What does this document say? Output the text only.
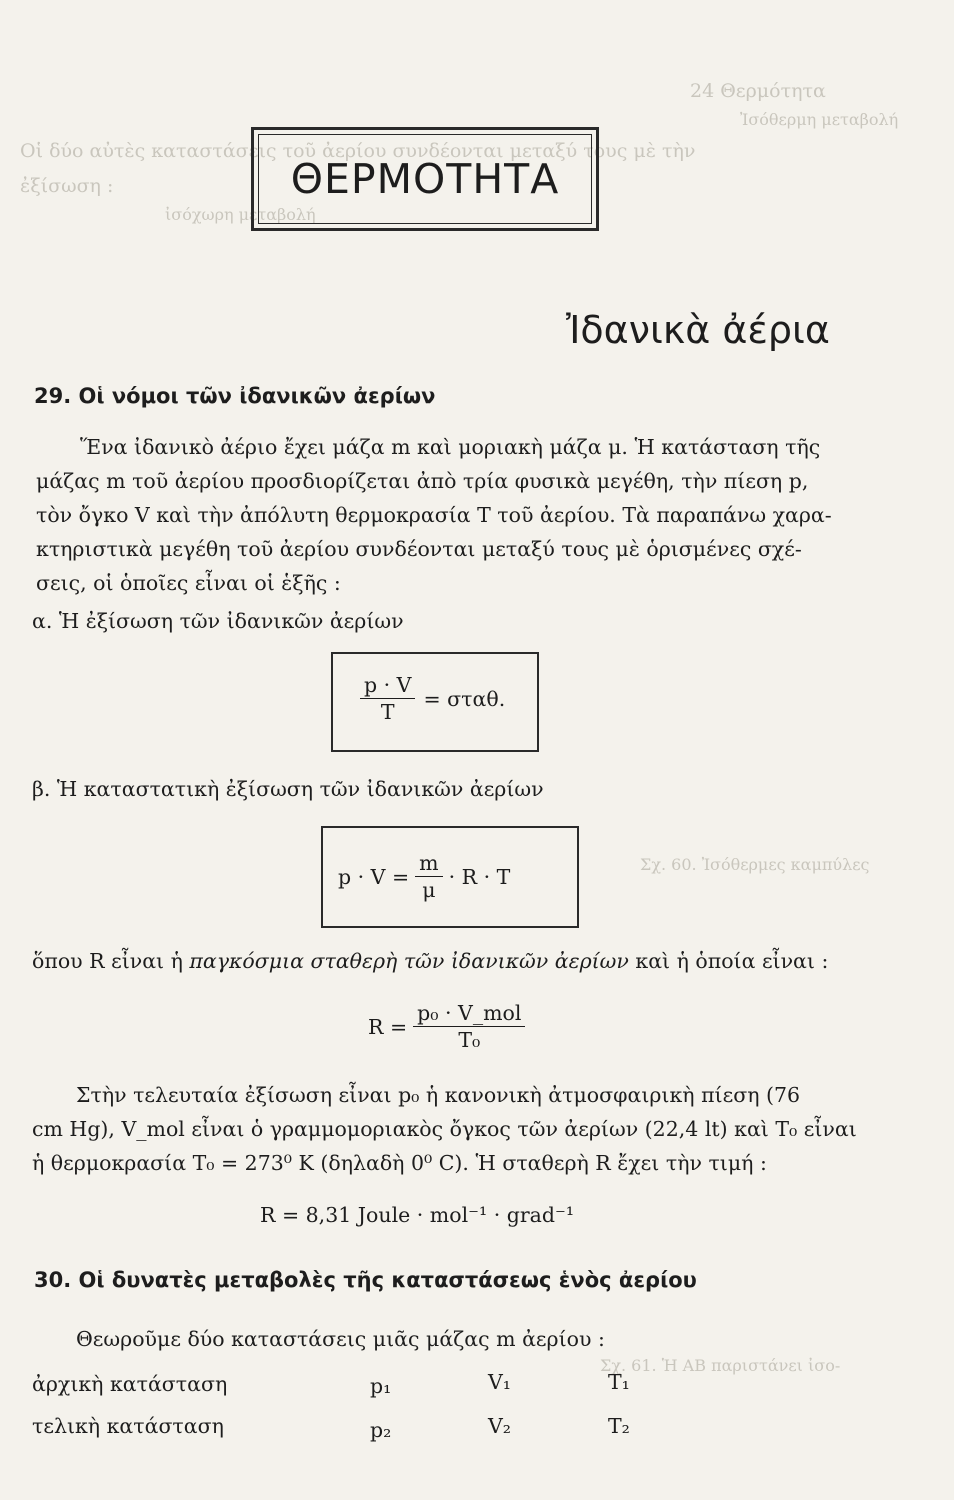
24 Θερμότητα
Οἱ δύο αὐτὲς καταστάσεις τοῦ ἀερίου συνδέονται μεταξύ τους μὲ τὴν
ἐξίσωση :
Ἰσόθερμη μεταβολή
ἰσόχωρη μεταβολή
Σχ. 60. Ἰσόθερμες καμπύλες
Σχ. 61. Ἡ AB παριστάνει ἰσο-
ΘΕΡΜΟΤΗΤΑ
Ἰδανικὰ ἀέρια
29. Οἱ νόμοι τῶν ἰδανικῶν ἀερίων
Ἕνα ἰδανικὸ ἀέριο ἔχει μάζα m καὶ μοριακὴ μάζα μ. Ἡ κατάσταση τῆς
μάζας m τοῦ ἀερίου προσδιορίζεται ἀπὸ τρία φυσικὰ μεγέθη, τὴν πίεση p,
τὸν ὄγκο V καὶ τὴν ἀπόλυτη θερμοκρασία T τοῦ ἀερίου. Τὰ παραπάνω χαρα-
κτηριστικὰ μεγέθη τοῦ ἀερίου συνδέονται μεταξύ τους μὲ ὁρισμένες σχέ-
σεις, οἱ ὁποῖες εἶναι οἱ ἑξῆς :
α. Ἡ ἐξίσωση τῶν ἰδανικῶν ἀερίων
$\frac{p \cdot V}{T} = \sigma\tau\alpha\theta$.
β. Ἡ καταστατικὴ ἐξίσωση τῶν ἰδανικῶν ἀερίων
$p \cdot V = \frac{m}{\mu} \cdot R \cdot T$
ὅπου R εἶναι ἡ παγκόσμια σταθερὴ τῶν ἰδανικῶν ἀερίων καὶ ἡ ὁποία εἶναι :
$R = \frac{\text{p₀ · V\_mol}}{\text{T₀}}$
Στὴν τελευταία ἐξίσωση εἶναι p₀ ἡ κανονικὴ ἀτμοσφαιρικὴ πίεση (76
cm Hg), V_mol εἶναι ὁ γραμμομοριακὸς ὄγκος τῶν ἀερίων (22,4 lt) καὶ T₀ εἶναι
ἡ θερμοκρασία T₀ = 273⁰ K (δηλαδὴ 0⁰ C). Ἡ σταθερὴ R ἔχει τὴν τιμή :
R = 8,31 Joule · mol⁻¹ · grad⁻¹
30. Οἱ δυνατὲς μεταβολὲς τῆς καταστάσεως ἑνὸς ἀερίου
Θεωροῦμε δύο καταστάσεις μιᾶς μάζας m ἀερίου :
ἀρχικὴ κατάσταση	p₁	V₁	T₁
τελικὴ κατάσταση	p₂	V₂	T₂
